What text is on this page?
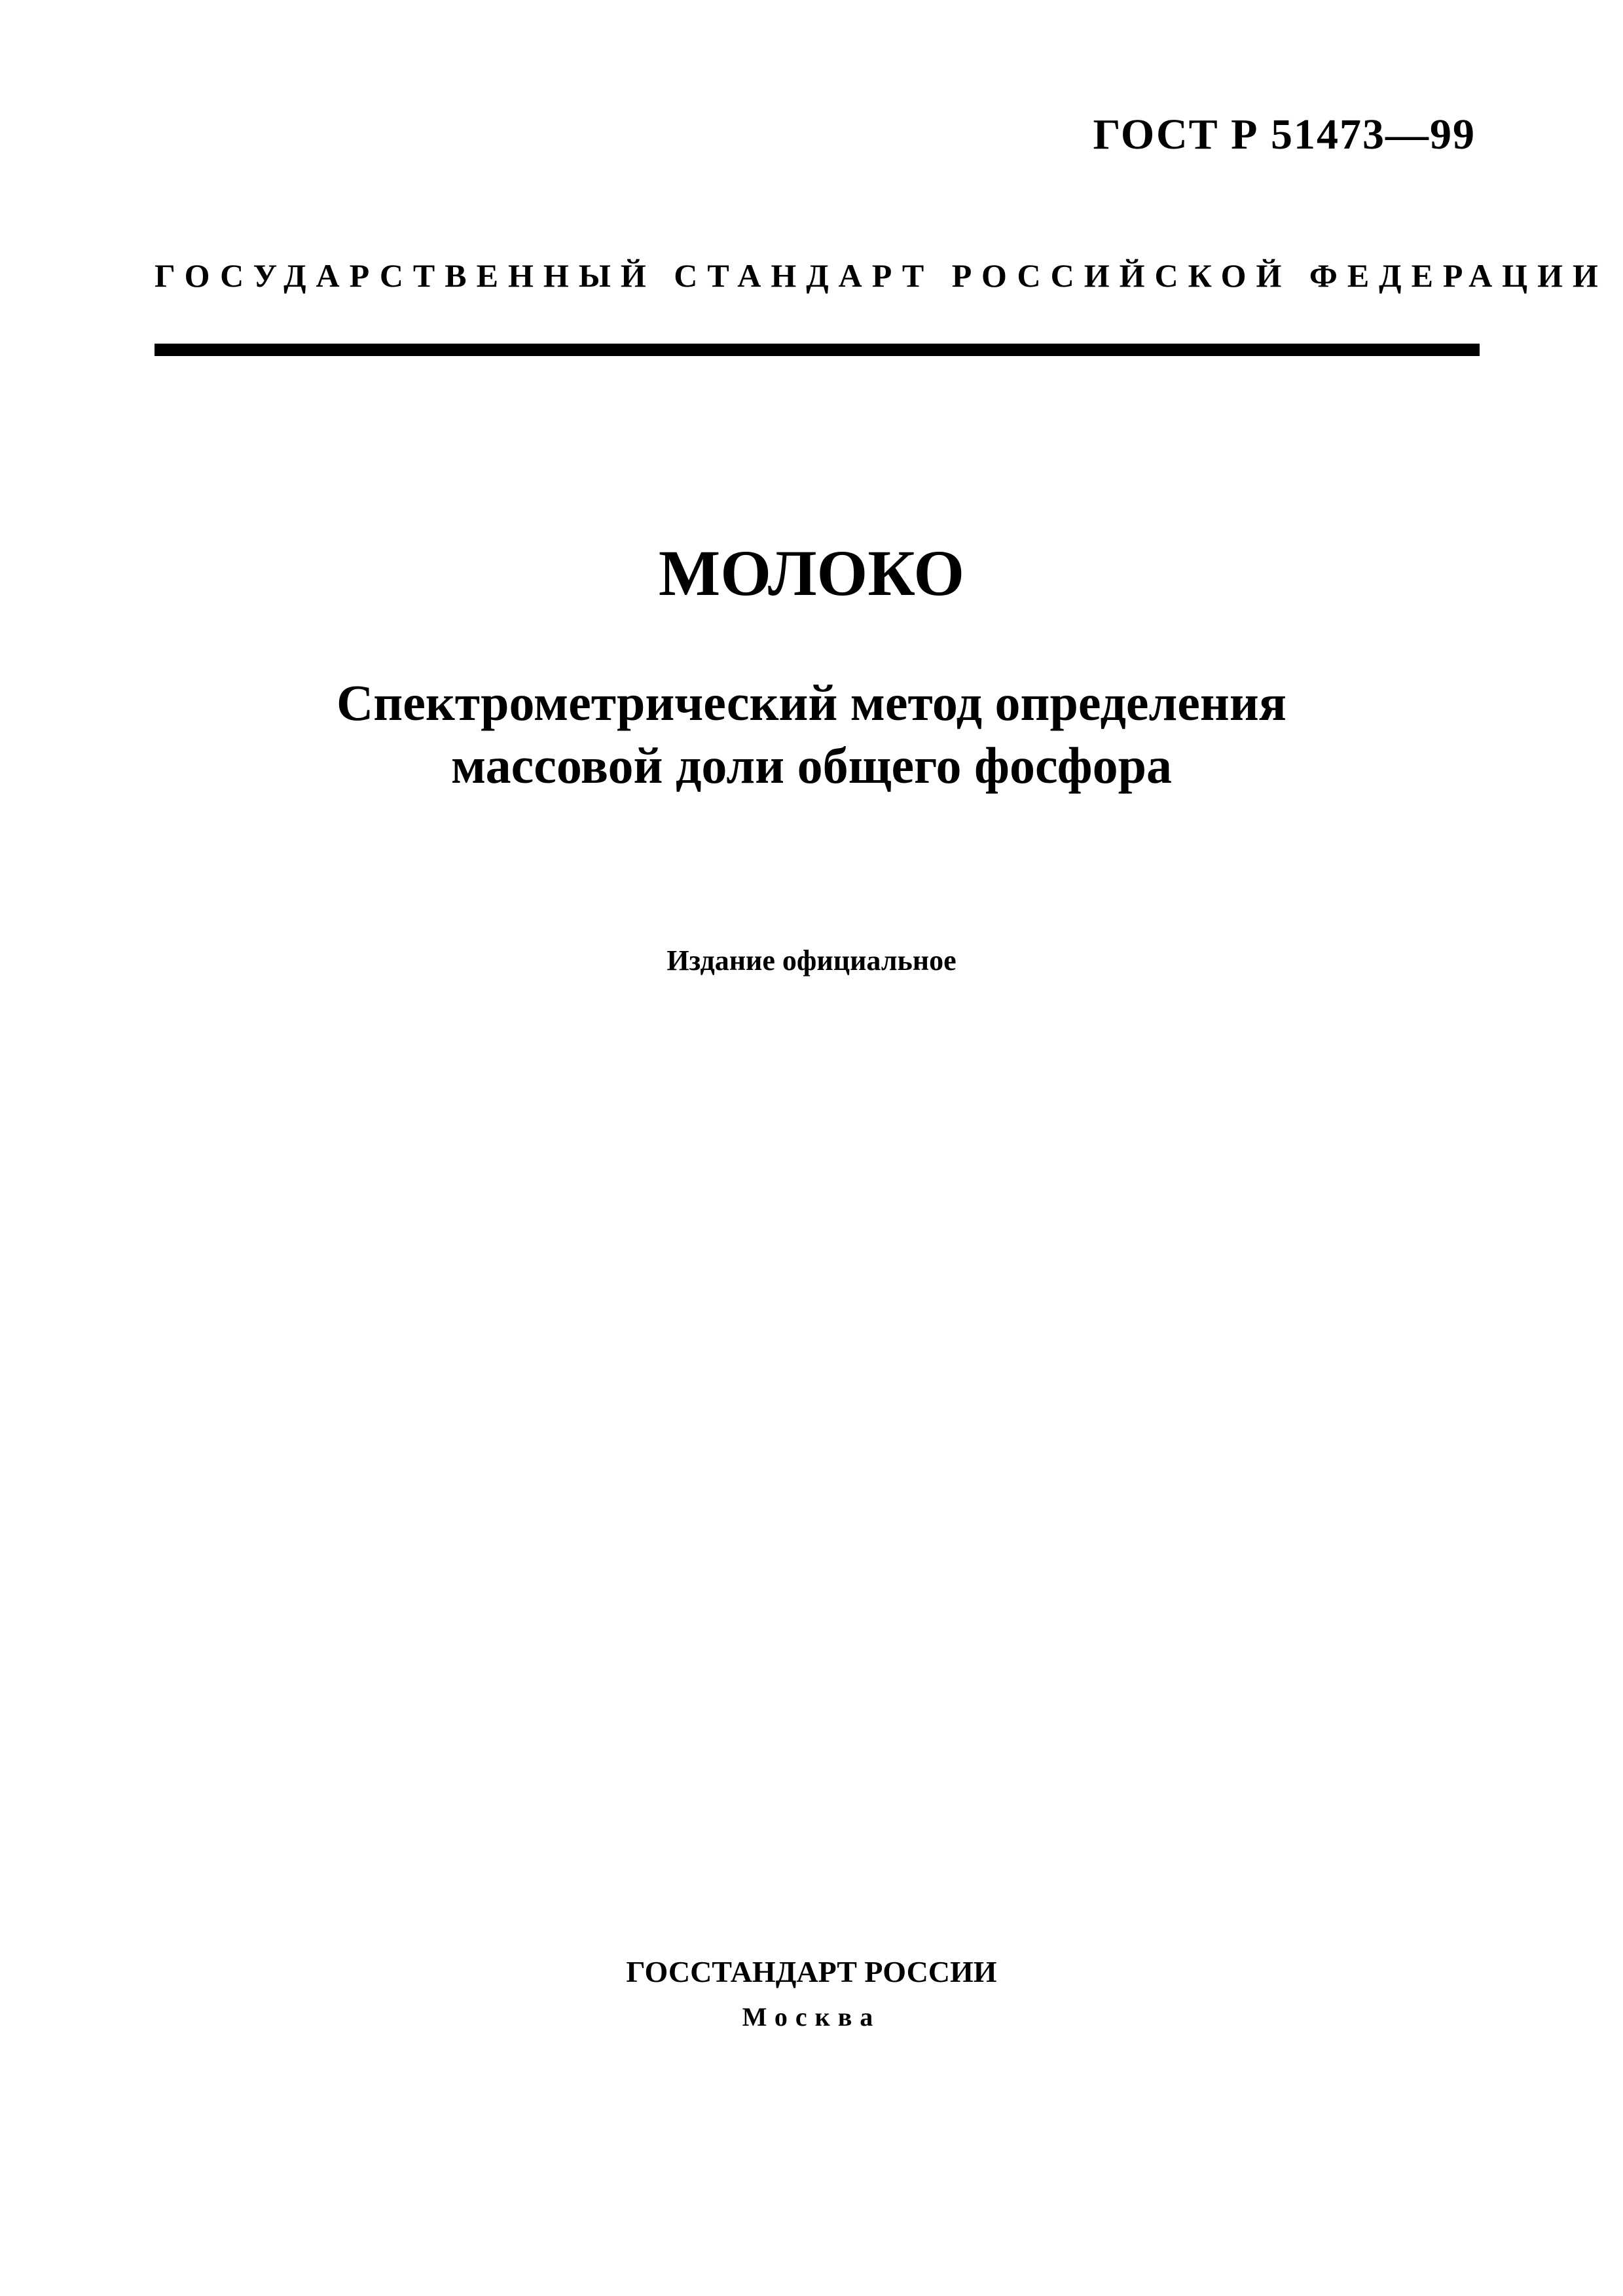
ГОСТ Р 51473—99
ГОСУДАРСТВЕННЫЙ СТАНДАРТ РОССИЙСКОЙ ФЕДЕРАЦИИ
МОЛОКО
Спектрометрический метод определения
массовой доли общего фосфора
Издание официальное
ГОССТАНДАРТ РОССИИ
Москва
